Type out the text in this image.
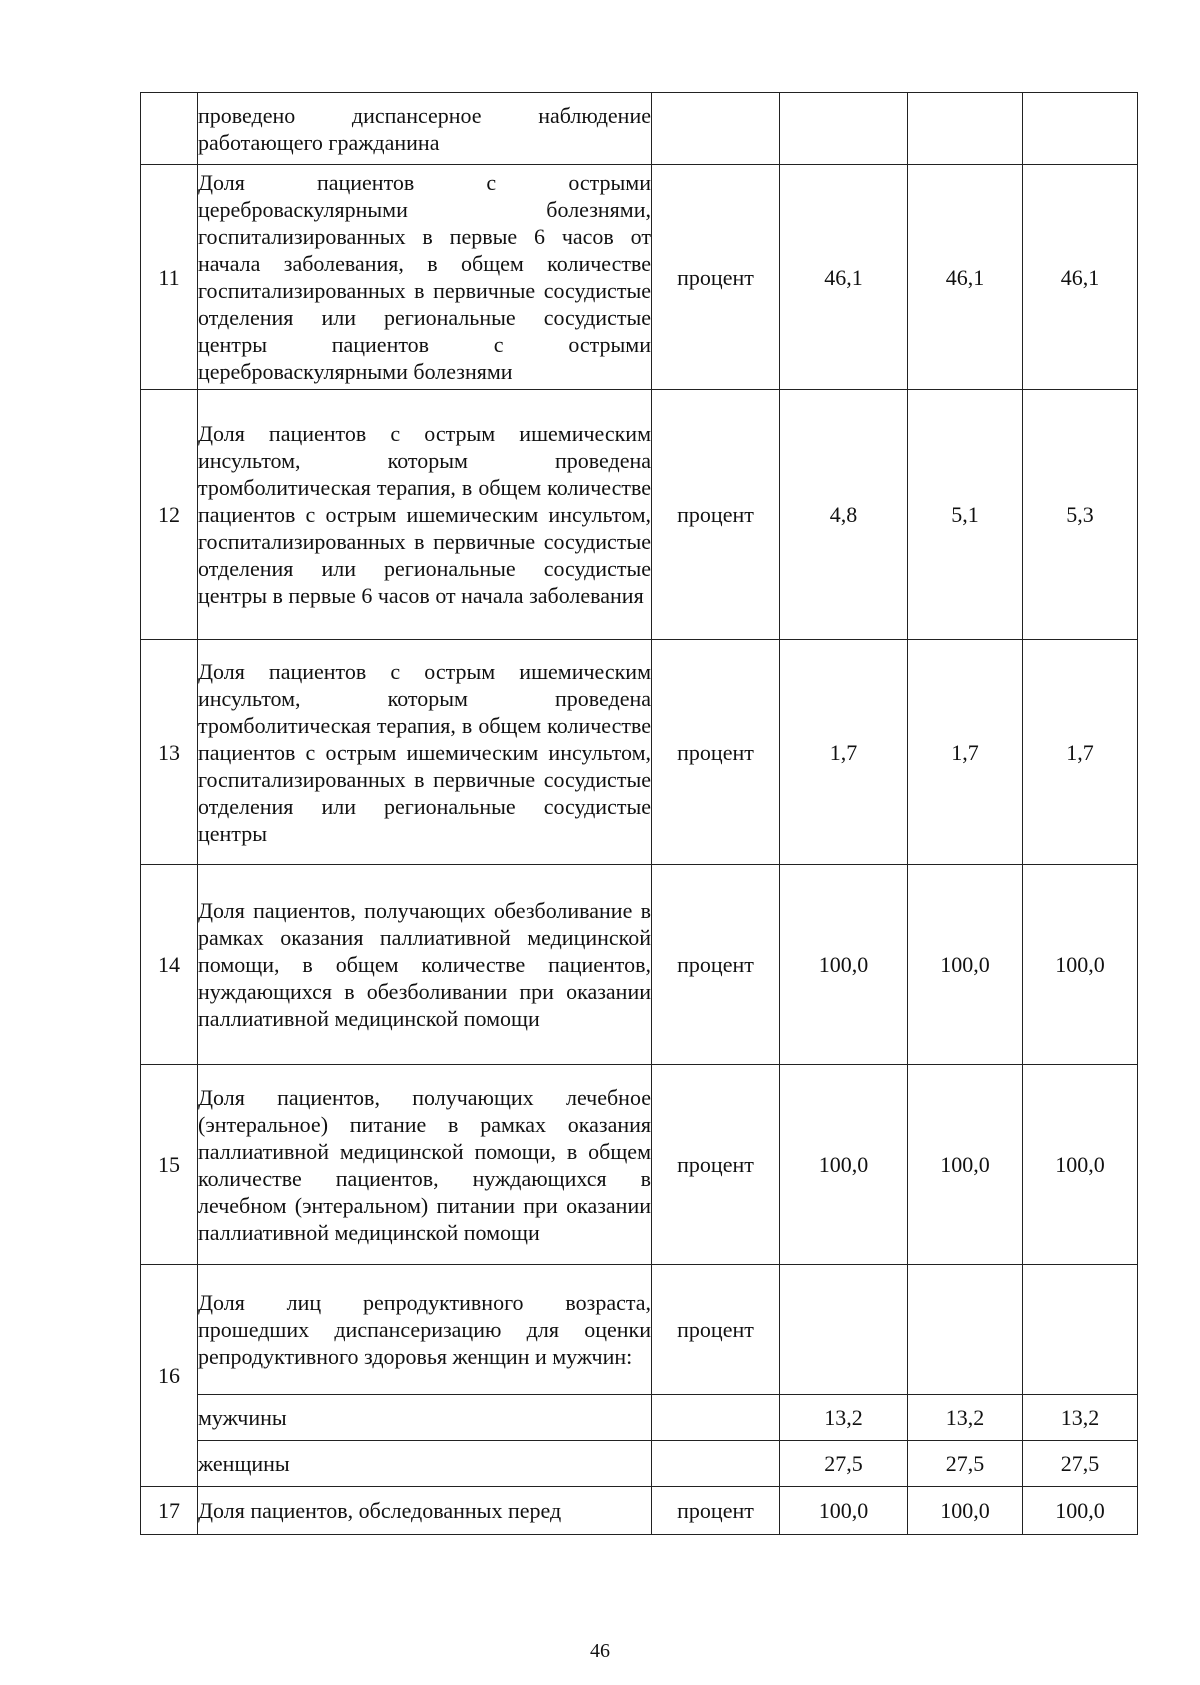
	проведено диспансерное наблюдение работающего гражданина				
11	Доля пациентов с острыми цереброваскулярными болезнями, госпитализированных в первые 6 часов от начала заболевания, в общем количестве госпитализированных в первичные сосудистые отделения или региональные сосудистые центры пациентов с острыми цереброваскулярными болезнями	процент	46,1	46,1	46,1
12	Доля пациентов с острым ишемическим инсультом, которым проведена тромболитическая терапия, в общем количестве пациентов с острым ишемическим инсультом, госпитализированных в первичные сосудистые отделения или региональные сосудистые центры в первые 6 часов от начала заболевания	процент	4,8	5,1	5,3
13	Доля пациентов с острым ишемическим инсультом, которым проведена тромболитическая терапия, в общем количестве пациентов с острым ишемическим инсультом, госпитализированных в первичные сосудистые отделения или региональные сосудистые центры	процент	1,7	1,7	1,7
14	Доля пациентов, получающих обезболивание в рамках оказания паллиативной медицинской помощи, в общем количестве пациентов, нуждающихся в обезболивании при оказании паллиативной медицинской помощи	процент	100,0	100,0	100,0
15	Доля пациентов, получающих лечебное (энтеральное) питание в рамках оказания паллиативной медицинской помощи, в общем количестве пациентов, нуждающихся в лечебном (энтеральном) питании при оказании паллиативной медицинской помощи	процент	100,0	100,0	100,0
16	Доля лиц репродуктивного возраста, прошедших диспансеризацию для оценки репродуктивного здоровья женщин и мужчин:	процент			
	мужчины		13,2	13,2	13,2
	женщины		27,5	27,5	27,5
17	Доля пациентов, обследованных перед	процент	100,0	100,0	100,0
46
